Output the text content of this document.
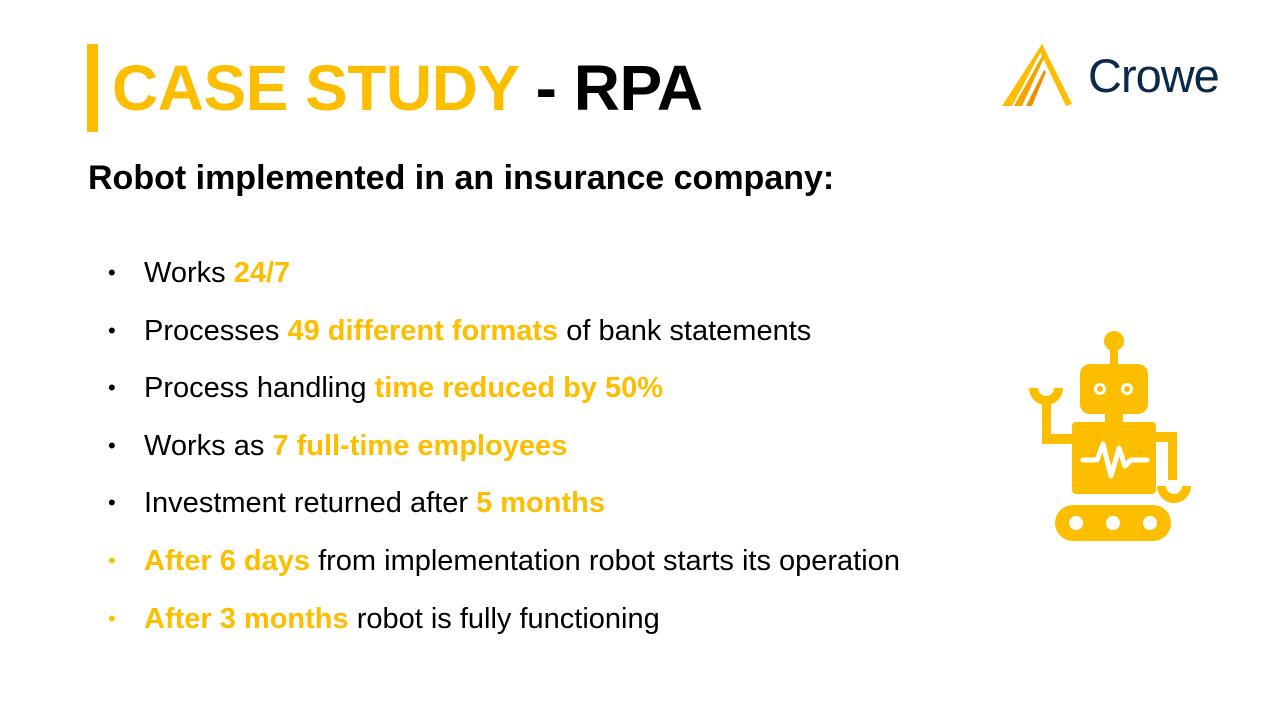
CASE STUDY - RPA	Crowe
Robot implemented in an insurance company:
• Works 24/7
• Processes 49 different formats of bank statements
• Process handling time reduced by 50%
• Works as 7 full-time employees
• Investment returned after 5 months
• After 6 days from implementation robot starts its operation
• After 3 months robot is fully functioning
